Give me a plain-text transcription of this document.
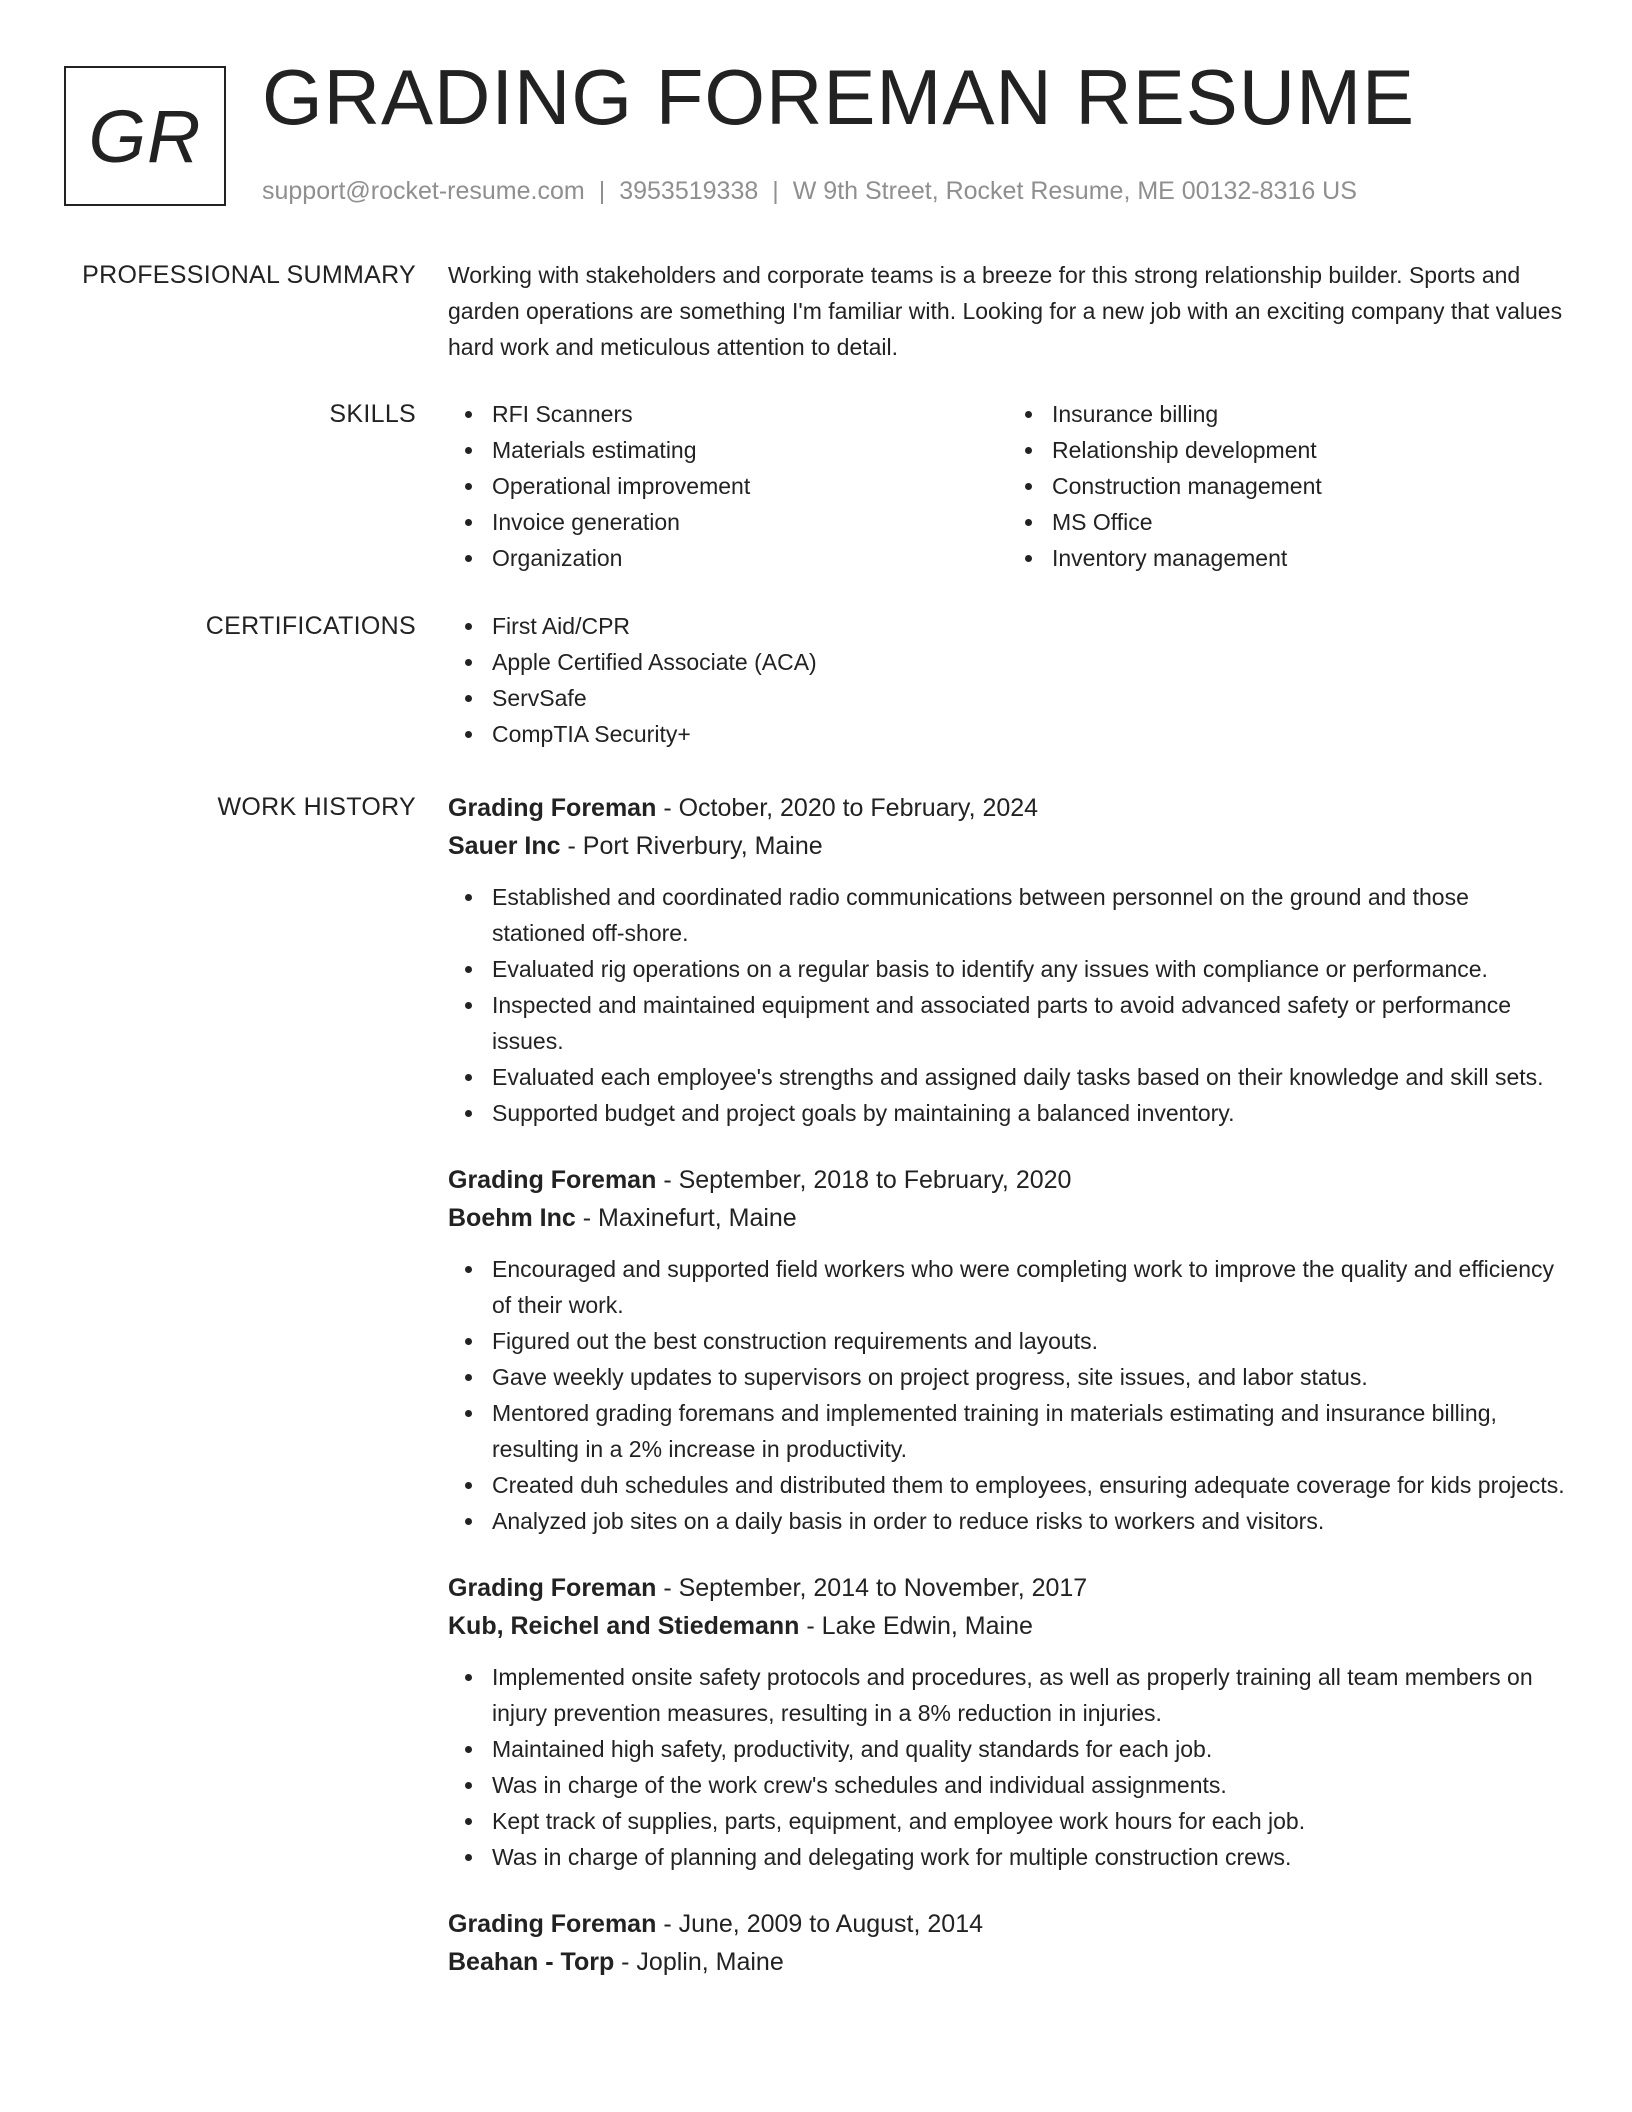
GR GRADING FOREMAN RESUME
support@rocket-resume.com | 3953519338 | W 9th Street, Rocket Resume, ME 00132-8316 US
PROFESSIONAL SUMMARY Working with stakeholders and corporate teams is a breeze for this strong relationship builder. Sports and garden operations are something I'm familiar with. Looking for a new job with an exciting company that values hard work and meticulous attention to detail.

SKILLS	RFI Scanners
Materials estimating
Operational improvement
Invoice generation
Organization
Insurance billing
Relationship development
Construction management
MS Office
Inventory management
CERTIFICATIONS	First Aid/CPR
Apple Certified Associate (ACA)
ServSafe
CompTIA Security+
WORK HISTORY Grading Foreman - October, 2020 to February, 2024
Sauer Inc - Port Riverbury, Maine
Established and coordinated radio communications between personnel on the ground and those stationed off-shore.
Evaluated rig operations on a regular basis to identify any issues with compliance or performance.
Inspected and maintained equipment and associated parts to avoid advanced safety or performance issues.
Evaluated each employee's strengths and assigned daily tasks based on their knowledge and skill sets.
Supported budget and project goals by maintaining a balanced inventory.
Grading Foreman - September, 2018 to February, 2020
Boehm Inc - Maxinefurt, Maine
Encouraged and supported field workers who were completing work to improve the quality and efficiency of their work.
Figured out the best construction requirements and layouts.
Gave weekly updates to supervisors on project progress, site issues, and labor status.
Mentored grading foremans and implemented training in materials estimating and insurance billing, resulting in a 2% increase in productivity.
Created duh schedules and distributed them to employees, ensuring adequate coverage for kids projects.
Analyzed job sites on a daily basis in order to reduce risks to workers and visitors.
Grading Foreman - September, 2014 to November, 2017
Kub, Reichel and Stiedemann - Lake Edwin, Maine
Implemented onsite safety protocols and procedures, as well as properly training all team members on injury prevention measures, resulting in a 8% reduction in injuries.
Maintained high safety, productivity, and quality standards for each job.
Was in charge of the work crew's schedules and individual assignments.
Kept track of supplies, parts, equipment, and employee work hours for each job.
Was in charge of planning and delegating work for multiple construction crews.
Grading Foreman - June, 2009 to August, 2014
Beahan - Torp - Joplin, Maine
